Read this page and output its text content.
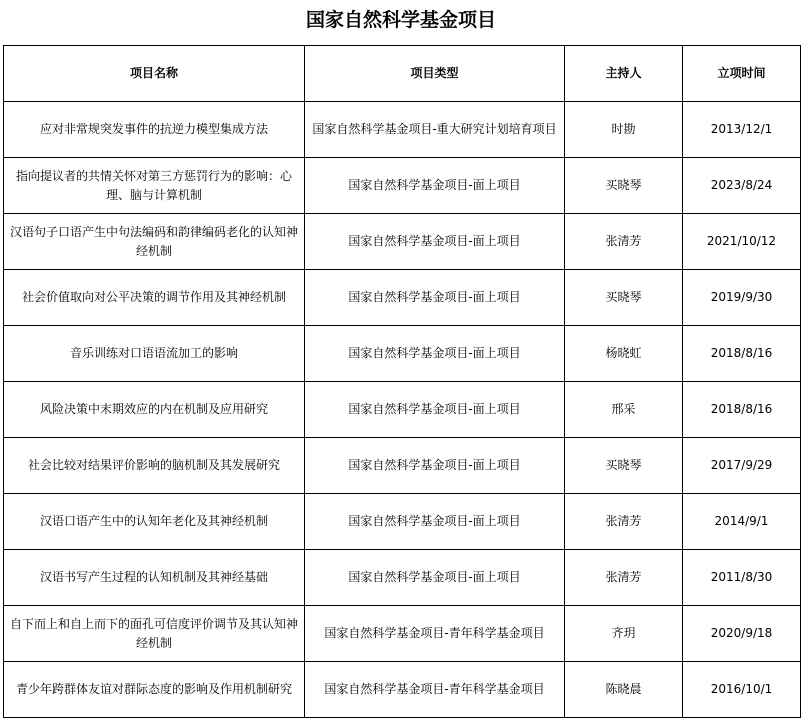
国家自然科学基金项目
项目名称	项目类型	主持人	立项时间
应对非常规突发事件的抗逆力模型集成方法	国家自然科学基金项目-重大研究计划培育项目	时勘	2013/12/1
指向提议者的共情关怀对第三方惩罚行为的影响：心理、脑与计算机制	国家自然科学基金项目-面上项目	买晓琴	2023/8/24
汉语句子口语产生中句法编码和韵律编码老化的认知神经机制	国家自然科学基金项目-面上项目	张清芳	2021/10/12
社会价值取向对公平决策的调节作用及其神经机制	国家自然科学基金项目-面上项目	买晓琴	2019/9/30
音乐训练对口语语流加工的影响	国家自然科学基金项目-面上项目	杨晓虹	2018/8/16
风险决策中末期效应的内在机制及应用研究	国家自然科学基金项目-面上项目	邢采	2018/8/16
社会比较对结果评价影响的脑机制及其发展研究	国家自然科学基金项目-面上项目	买晓琴	2017/9/29
汉语口语产生中的认知年老化及其神经机制	国家自然科学基金项目-面上项目	张清芳	2014/9/1
汉语书写产生过程的认知机制及其神经基础	国家自然科学基金项目-面上项目	张清芳	2011/8/30
自下而上和自上而下的面孔可信度评价调节及其认知神经机制	国家自然科学基金项目-青年科学基金项目	齐玥	2020/9/18
青少年跨群体友谊对群际态度的影响及作用机制研究	国家自然科学基金项目-青年科学基金项目	陈晓晨	2016/10/1
